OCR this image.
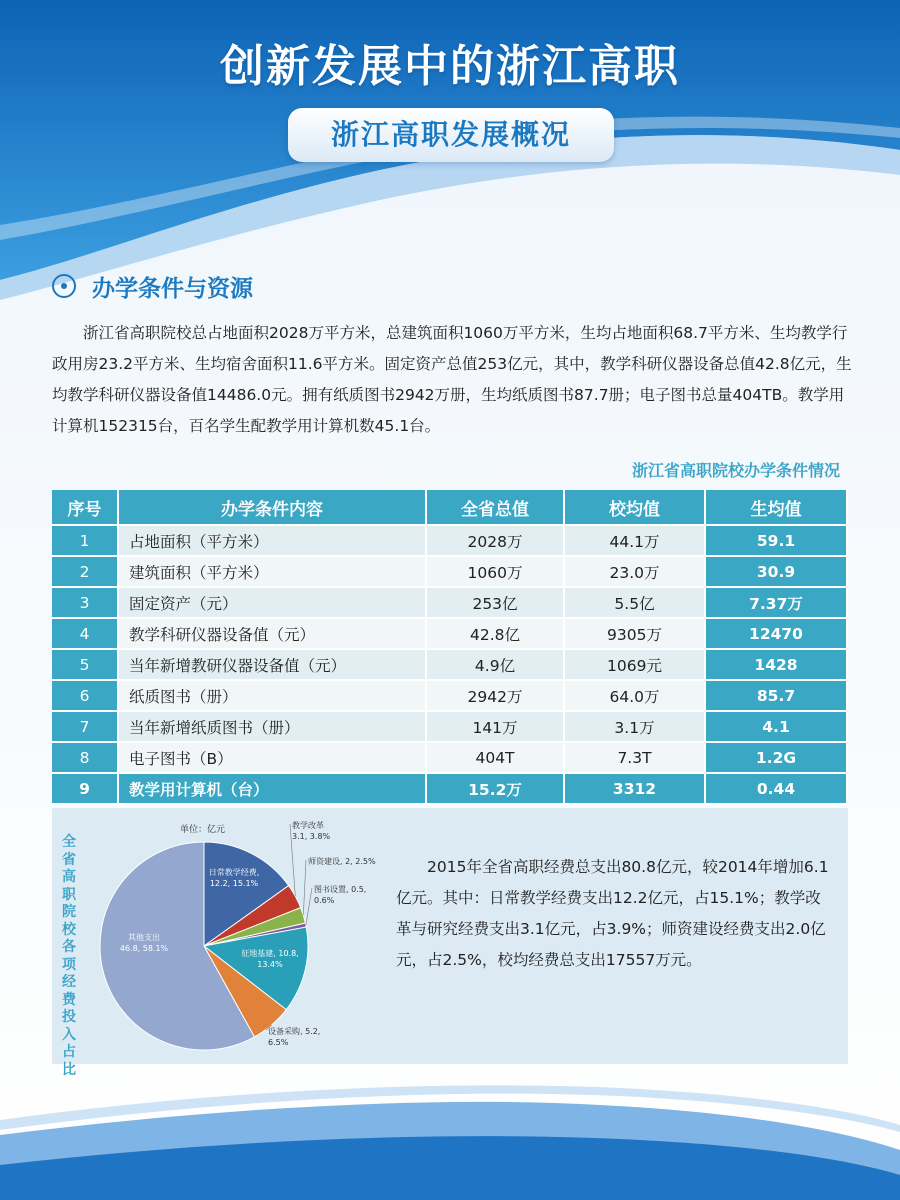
创新发展中的浙江高职
浙江高职发展概况
办学条件与资源
浙江省高职院校总占地面积2028万平方米，总建筑面积1060万平方米，生均占地面积68.7平方米、生均教学行政用房23.2平方米、生均宿舍面积11.6平方米。固定资产总值253亿元，其中，教学科研仪器设备总值42.8亿元，生均教学科研仪器设备值14486.0元。拥有纸质图书2942万册，生均纸质图书87.7册；电子图书总量404TB。教学用计算机152315台，百名学生配教学用计算机数45.1台。
浙江省高职院校办学条件情况
序号	办学条件内容	全省总值	校均值	生均值
1	占地面积（平方米）	2028万	44.1万	59.1
2	建筑面积（平方米）	1060万	23.0万	30.9
3	固定资产（元）	253亿	5.5亿	7.37万
4	教学科研仪器设备值（元）	42.8亿	9305万	12470
5	当年新增教研仪器设备值（元）	4.9亿	1069元	1428
6	纸质图书（册）	2942万	64.0万	85.7
7	当年新增纸质图书（册）	141万	3.1万	4.1
8	电子图书（B）	404T	7.3T	1.2G
9	教学用计算机（台）	15.2万	3312	0.44
全省高职院校各项经费投入占比
单位：亿元
日常教学经费,
12.2, 15.1%
教学改革
3.1, 3.8%
师资建设, 2, 2.5%
图书设置, 0.5,
0.6%
征地基建, 10.8,
13.4%
设备采购, 5.2,
6.5%
其他支出
46.8, 58.1%
2015年全省高职经费总支出80.8亿元，较2014年增加6.1亿元。其中：日常教学经费支出12.2亿元，占15.1%；教学改革与研究经费支出3.1亿元，占3.9%；师资建设经费支出2.0亿元，占2.5%，校均经费总支出17557万元。
